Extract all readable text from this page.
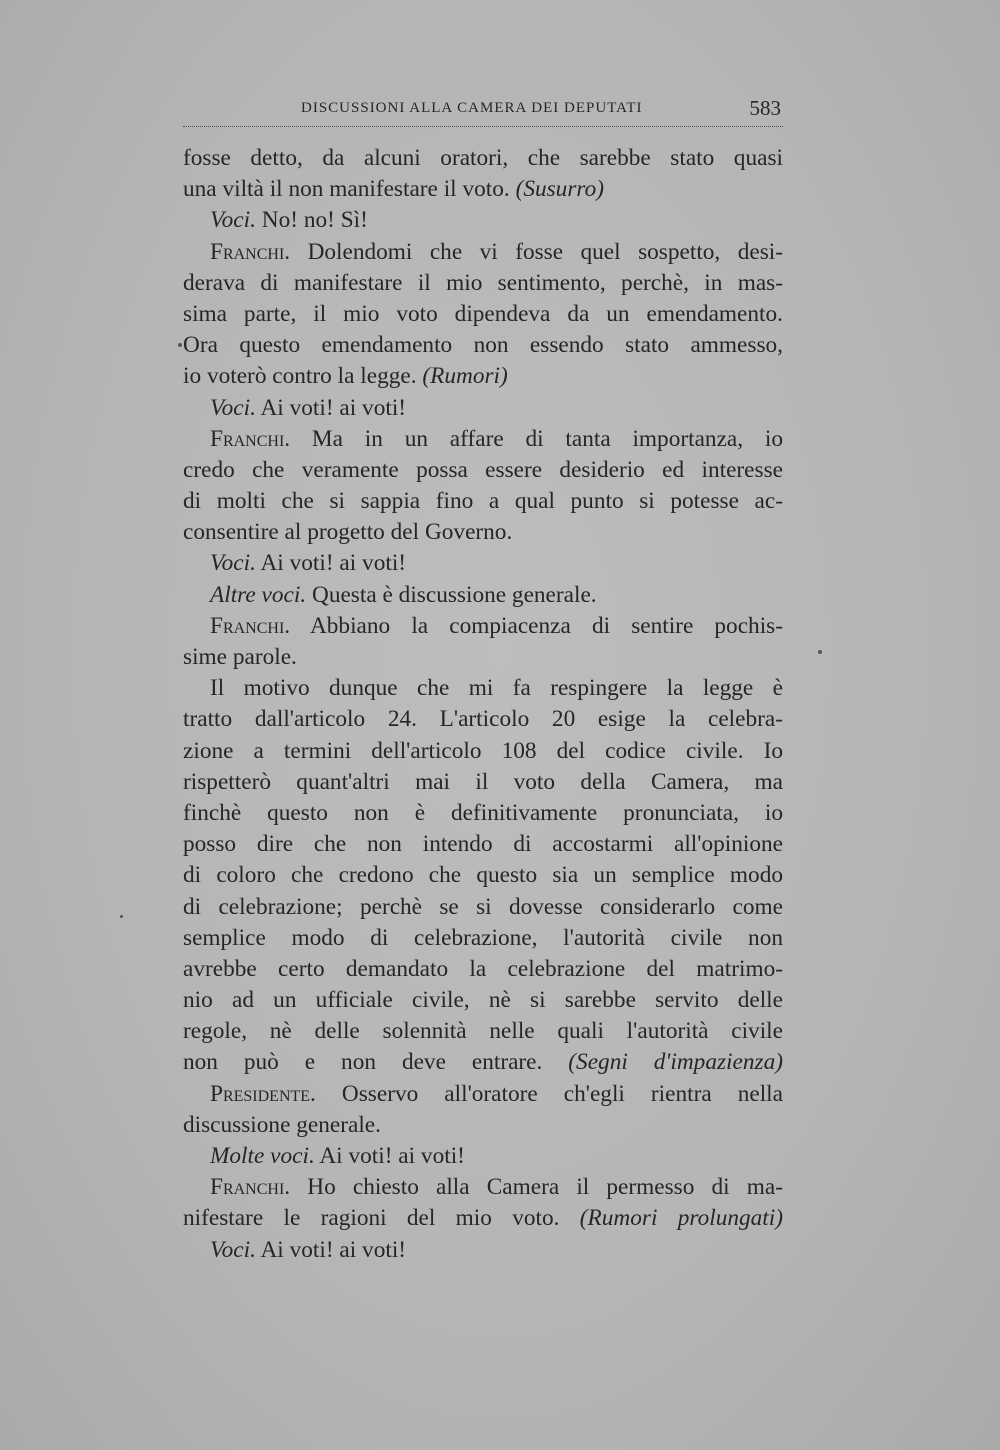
DISCUSSIONI ALLA CAMERA DEI DEPUTATI	583
fosse detto, da alcuni oratori, che sarebbe stato quasi
una viltà il non manifestare il voto. (Susurro)
Voci. No! no! Sì!
Franchi. Dolendomi che vi fosse quel sospetto, desi-
derava di manifestare il mio sentimento, perchè, in mas-
sima parte, il mio voto dipendeva da un emendamento.
Ora questo emendamento non essendo stato ammesso,
io voterò contro la legge. (Rumori)
Voci. Ai voti! ai voti!
Franchi. Ma in un affare di tanta importanza, io
credo che veramente possa essere desiderio ed interesse
di molti che si sappia fino a qual punto si potesse ac-
consentire al progetto del Governo.
Voci. Ai voti! ai voti!
Altre voci. Questa è discussione generale.
Franchi. Abbiano la compiacenza di sentire pochis-
sime parole.
Il motivo dunque che mi fa respingere la legge è
tratto dall'articolo 24. L'articolo 20 esige la celebra-
zione a termini dell'articolo 108 del codice civile. Io
rispetterò quant'altri mai il voto della Camera, ma
finchè questo non è definitivamente pronunciata, io
posso dire che non intendo di accostarmi all'opinione
di coloro che credono che questo sia un semplice modo
di celebrazione; perchè se si dovesse considerarlo come
semplice modo di celebrazione, l'autorità civile non
avrebbe certo demandato la celebrazione del matrimo-
nio ad un ufficiale civile, nè si sarebbe servito delle
regole, nè delle solennità nelle quali l'autorità civile
non può e non deve entrare. (Segni d'impazienza)
Presidente. Osservo all'oratore ch'egli rientra nella
discussione generale.
Molte voci. Ai voti! ai voti!
Franchi. Ho chiesto alla Camera il permesso di ma-
nifestare le ragioni del mio voto. (Rumori prolungati)
Voci. Ai voti! ai voti!
